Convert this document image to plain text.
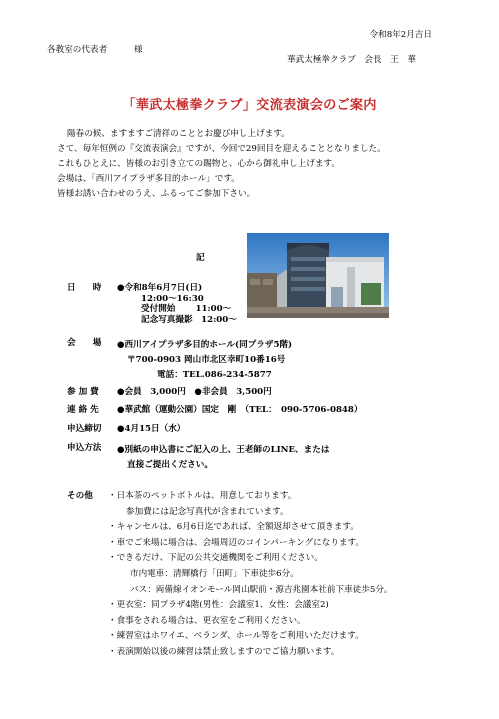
令和8年2月吉日
各教室の代表者	様
華武太極拳クラブ　会長　王　華
「華武太極拳クラブ」交流表演会のご案内
陽春の候、ますますご清祥のこととお慶び申し上げます。
さて、毎年恒例の『交流表演会』ですが、今回で29回目を迎えることとなりました。
これもひとえに、皆様のお引き立ての賜物と、心から御礼申し上げます。
会場は、「西川アイプラザ多目的ホール」です。
皆様お誘い合わせのうえ、ふるってご参加下さい。
記
日　　時 ●令和8年6月7日(日)
12:00～16:30
受付開始　　 11:00～
記念写真撮影　12:00～
会　　場 ●西川アイプラザ多目的ホール(同プラザ5階)
〒700-0903 岡山市北区幸町10番16号
電話：TEL.086-234-5877
参 加 費 ●会員　3,000円　●非会員　3,500円
連 絡 先 ●華武館（運動公園）国定　剛　（TEL：　090-5706-0848）
申込締切 ●4月15日（水）
申込方法 ●別紙の申込書にご記入の上、王老師のLINE、または
直接ご提出ください。
その他 ・日本茶のペットボトルは、用意しております。
参加費には記念写真代が含まれています。
・キャンセルは、6月6日迄であれば、全額返却させて頂きます。
・車でご来場に場合は、会場周辺のコインパーキングになります。
・できるだけ、下記の公共交通機関をご利用ください。
市内電車：清輝橋行「田町」下車徒歩6分。
バス：両備線イオンモール岡山駅前・源吉兆園本社前下車徒歩5分。
・更衣室：同プラザ4階(男性：会議室1、女性：会議室2)
・食事をされる場合は、更衣室をご利用ください。
・練習室はホワイエ、ベランダ、ホール等をご利用いただけます。
・表演開始以後の練習は禁止致しますのでご協力願います。
